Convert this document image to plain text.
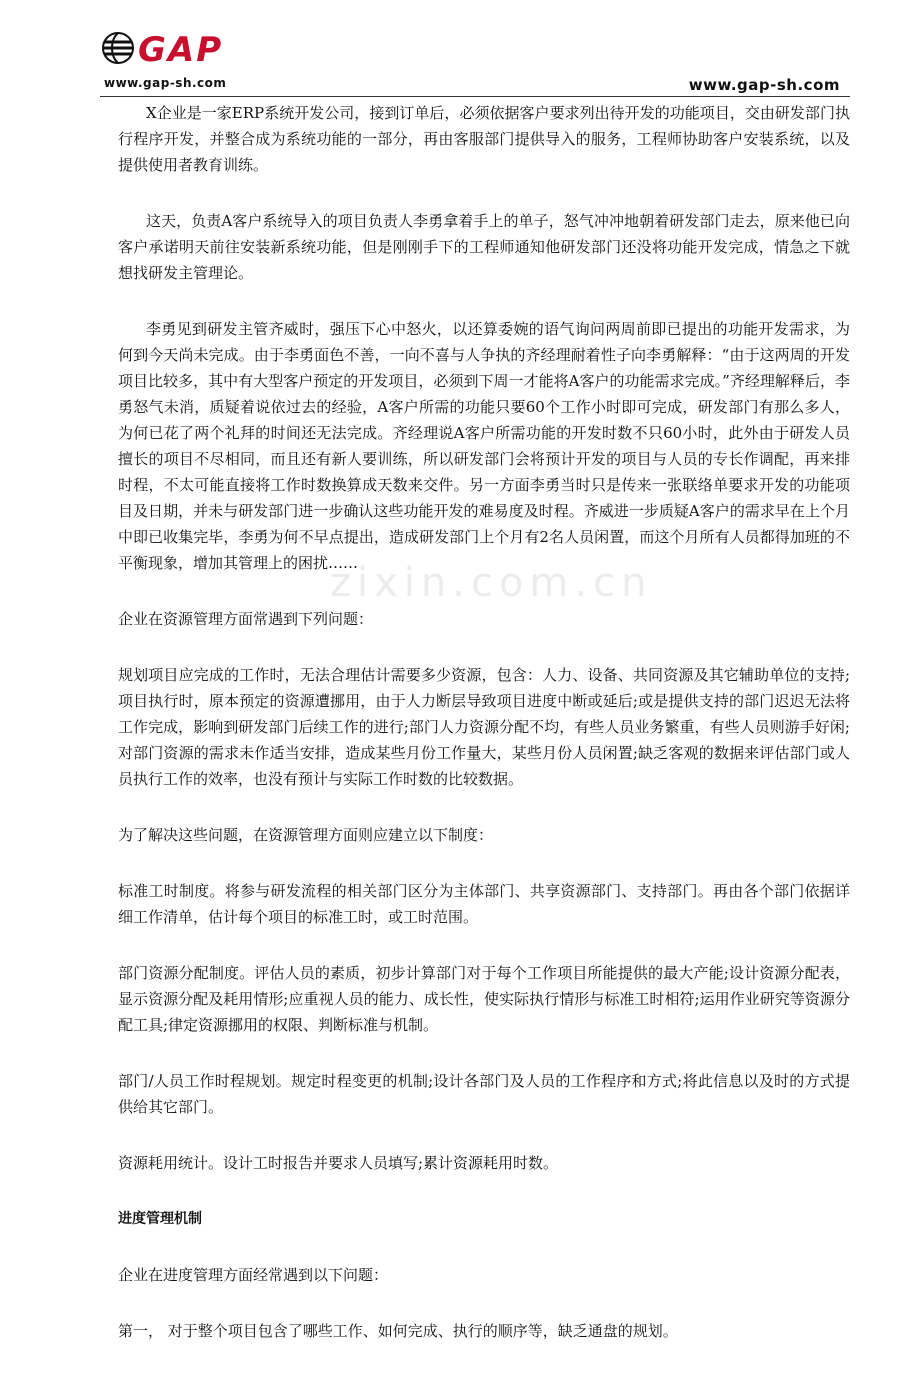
GAP
www.gap-sh.com	www.gap-sh.com
zixin.com.cn

X企业是一家ERP系统开发公司，接到订单后，必须依据客户要求列出待开发的功能项目，交由研发部门执行程序开发，并整合成为系统功能的一部分，再由客服部门提供导入的服务，工程师协助客户安装系统，以及提供使用者教育训练。

这天，负责A客户系统导入的项目负责人李勇拿着手上的单子，怒气冲冲地朝着研发部门走去，原来他已向客户承诺明天前往安装新系统功能，但是刚刚手下的工程师通知他研发部门还没将功能开发完成，情急之下就想找研发主管理论。

李勇见到研发主管齐威时，强压下心中怒火，以还算委婉的语气询问两周前即已提出的功能开发需求，为何到今天尚未完成。由于李勇面色不善，一向不喜与人争执的齐经理耐着性子向李勇解释：“由于这两周的开发项目比较多，其中有大型客户预定的开发项目，必须到下周一才能将A客户的功能需求完成。”齐经理解释后，李勇怒气未消，质疑着说依过去的经验，A客户所需的功能只要60个工作小时即可完成，研发部门有那么多人，为何已花了两个礼拜的时间还无法完成。齐经理说A客户所需功能的开发时数不只60小时，此外由于研发人员擅长的项目不尽相同，而且还有新人要训练，所以研发部门会将预计开发的项目与人员的专长作调配，再来排时程，不太可能直接将工作时数换算成天数来交件。另一方面李勇当时只是传来一张联络单要求开发的功能项目及日期，并未与研发部门进一步确认这些功能开发的难易度及时程。齐威进一步质疑A客户的需求早在上个月中即已收集完毕，李勇为何不早点提出，造成研发部门上个月有2名人员闲置，而这个月所有人员都得加班的不平衡现象，增加其管理上的困扰……

企业在资源管理方面常遇到下列问题：

规划项目应完成的工作时，无法合理估计需要多少资源，包含：人力、设备、共同资源及其它辅助单位的支持;项目执行时，原本预定的资源遭挪用，由于人力断层导致项目进度中断或延后;或是提供支持的部门迟迟无法将工作完成，影响到研发部门后续工作的进行;部门人力资源分配不均，有些人员业务繁重，有些人员则游手好闲;对部门资源的需求未作适当安排，造成某些月份工作量大，某些月份人员闲置;缺乏客观的数据来评估部门或人员执行工作的效率，也没有预计与实际工作时数的比较数据。

为了解决这些问题，在资源管理方面则应建立以下制度：

标准工时制度。将参与研发流程的相关部门区分为主体部门、共享资源部门、支持部门。再由各个部门依据详细工作清单，估计每个项目的标准工时，或工时范围。

部门资源分配制度。评估人员的素质，初步计算部门对于每个工作项目所能提供的最大产能;设计资源分配表，显示资源分配及耗用情形;应重视人员的能力、成长性，使实际执行情形与标准工时相符;运用作业研究等资源分配工具;律定资源挪用的权限、判断标准与机制。

部门/人员工作时程规划。规定时程变更的机制;设计各部门及人员的工作程序和方式;将此信息以及时的方式提供给其它部门。

资源耗用统计。设计工时报告并要求人员填写;累计资源耗用时数。

进度管理机制

企业在进度管理方面经常遇到以下问题：

第一， 对于整个项目包含了哪些工作、如何完成、执行的顺序等，缺乏通盘的规划。
